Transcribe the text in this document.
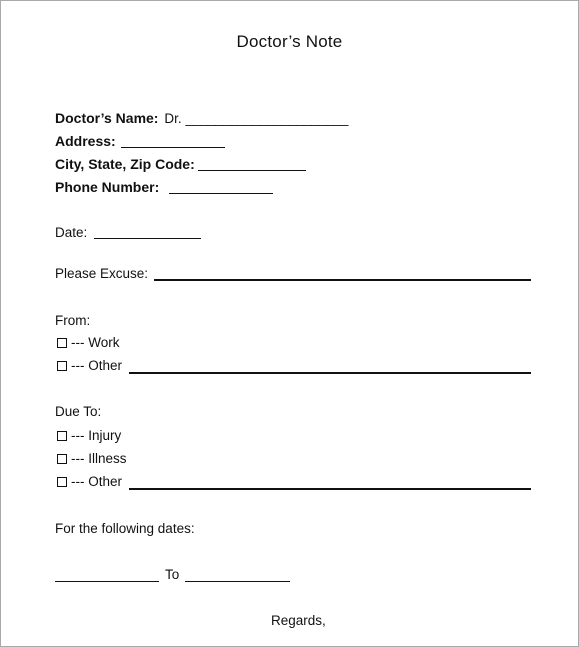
Doctor’s Note
Doctor’s Name: Dr. ______________________
Address:
City, State, Zip Code:
Phone Number:
Date:
Please Excuse:
From:
--- Work
--- Other
Due To:
--- Injury
--- Illness
--- Other
For the following dates:
To
Regards,
